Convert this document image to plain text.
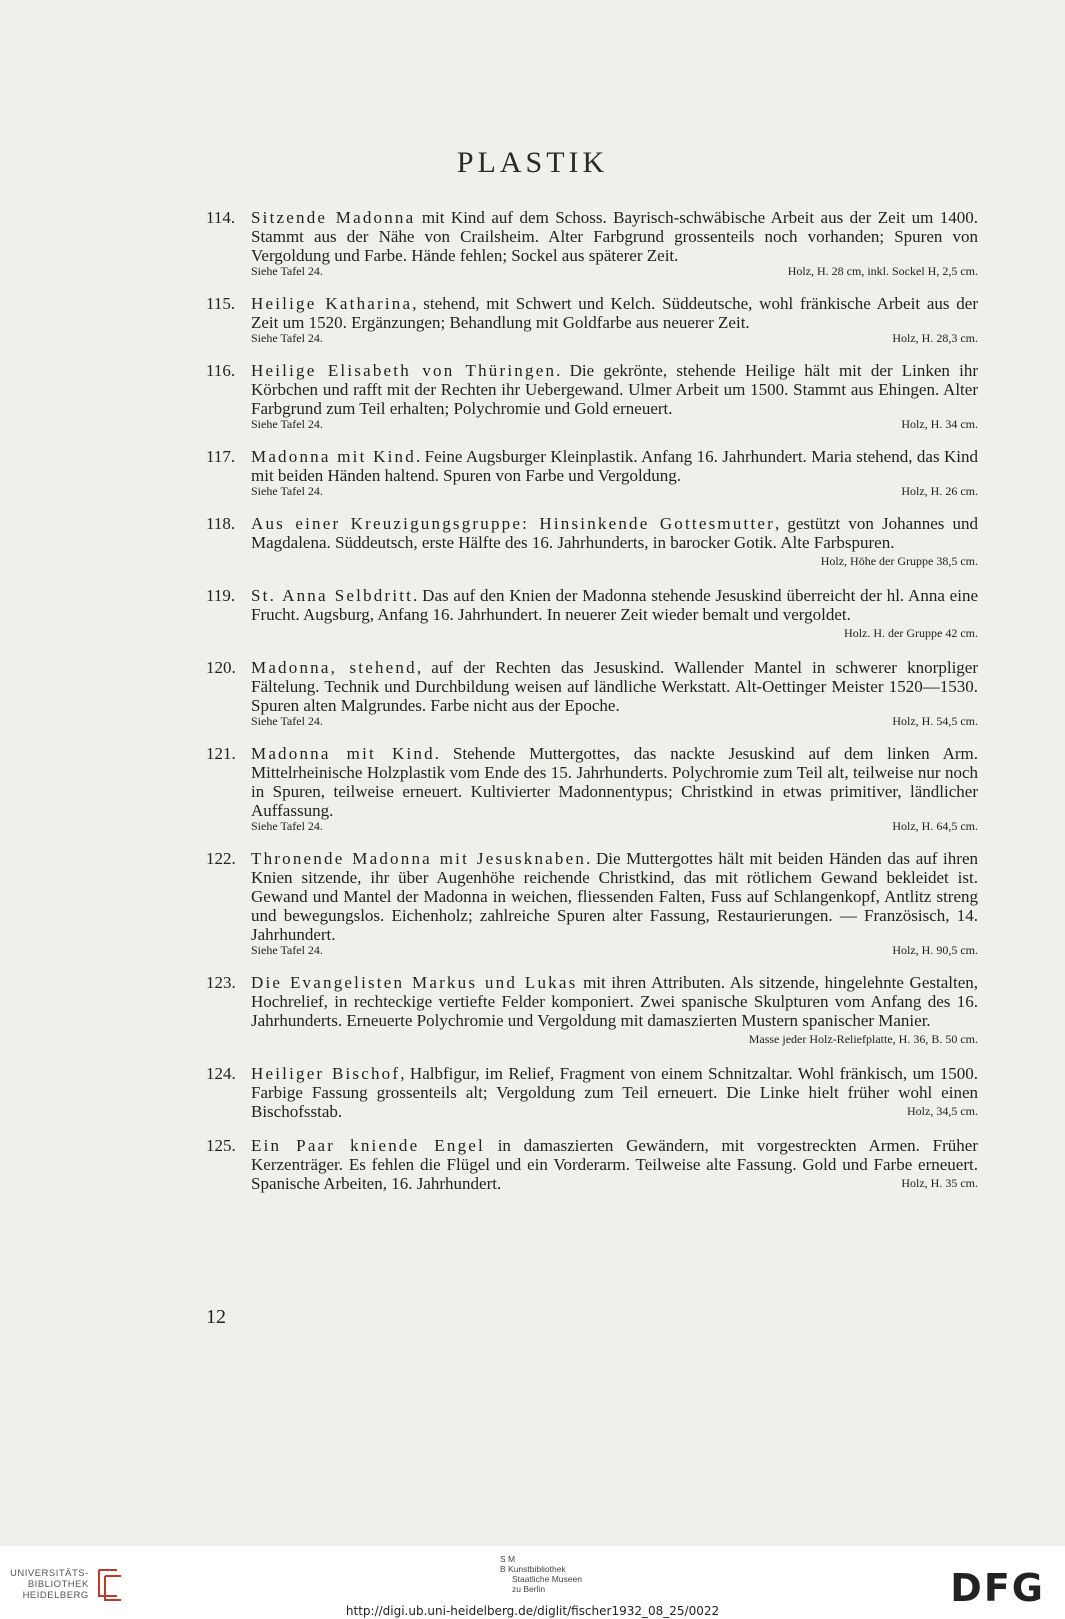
PLASTIK
114. Sitzende Madonna mit Kind auf dem Schoss. Bayrisch-schwäbische Arbeit aus der Zeit um 1400. Stammt aus der Nähe von Crailsheim. Alter Farbgrund grossenteils noch vorhanden; Spuren von Vergoldung und Farbe. Hände fehlen; Sockel aus späterer Zeit.
Siehe Tafel 24.	Holz, H. 28 cm, inkl. Sockel H, 2,5 cm.
115. Heilige Katharina, stehend, mit Schwert und Kelch. Süddeutsche, wohl fränkische Arbeit aus der Zeit um 1520. Ergänzungen; Behandlung mit Goldfarbe aus neuerer Zeit.
Siehe Tafel 24.	Holz, H. 28,3 cm.
116. Heilige Elisabeth von Thüringen. Die gekrönte, stehende Heilige hält mit der Linken ihr Körbchen und rafft mit der Rechten ihr Uebergewand. Ulmer Arbeit um 1500. Stammt aus Ehingen. Alter Farbgrund zum Teil erhalten; Polychromie und Gold erneuert.
Siehe Tafel 24.	Holz, H. 34 cm.
117. Madonna mit Kind. Feine Augsburger Kleinplastik. Anfang 16. Jahrhundert. Maria stehend, das Kind mit beiden Händen haltend. Spuren von Farbe und Vergoldung.
Siehe Tafel 24.	Holz, H. 26 cm.
118. Aus einer Kreuzigungsgruppe: Hinsinkende Gottesmutter, gestützt von Johannes und Magdalena. Süddeutsch, erste Hälfte des 16. Jahrhunderts, in barocker Gotik. Alte Farbspuren.
Holz, Höhe der Gruppe 38,5 cm.
119. St. Anna Selbdritt. Das auf den Knien der Madonna stehende Jesuskind überreicht der hl. Anna eine Frucht. Augsburg, Anfang 16. Jahrhundert. In neuerer Zeit wieder bemalt und vergoldet.
Holz. H. der Gruppe 42 cm.
120. Madonna, stehend, auf der Rechten das Jesuskind. Wallender Mantel in schwerer knorpliger Fältelung. Technik und Durchbildung weisen auf ländliche Werkstatt. Alt-Oettinger Meister 1520—1530. Spuren alten Malgrundes. Farbe nicht aus der Epoche.
Siehe Tafel 24.	Holz, H. 54,5 cm.
121. Madonna mit Kind. Stehende Muttergottes, das nackte Jesuskind auf dem linken Arm. Mittelrheinische Holzplastik vom Ende des 15. Jahrhunderts. Polychromie zum Teil alt, teilweise nur noch in Spuren, teilweise erneuert. Kultivierter Madonnentypus; Christkind in etwas primitiver, ländlicher Auffassung.
Siehe Tafel 24.	Holz, H. 64,5 cm.
122. Thronende Madonna mit Jesusknaben. Die Muttergottes hält mit beiden Händen das auf ihren Knien sitzende, ihr über Augenhöhe reichende Christkind, das mit rötlichem Gewand bekleidet ist. Gewand und Mantel der Madonna in weichen, fliessenden Falten, Fuss auf Schlangenkopf, Antlitz streng und bewegungslos. Eichenholz; zahlreiche Spuren alter Fassung, Restaurierungen. — Französisch, 14. Jahrhundert.
Siehe Tafel 24.	Holz, H. 90,5 cm.
123. Die Evangelisten Markus und Lukas mit ihren Attributen. Als sitzende, hingelehnte Gestalten, Hochrelief, in rechteckige vertiefte Felder komponiert. Zwei spanische Skulpturen vom Anfang des 16. Jahrhunderts. Erneuerte Polychromie und Vergoldung mit damaszierten Mustern spanischer Manier.
Masse jeder Holz-Reliefplatte, H. 36, B. 50 cm.
124. Heiliger Bischof, Halbfigur, im Relief, Fragment von einem Schnitzaltar. Wohl fränkisch, um 1500. Farbige Fassung grossenteils alt; Vergoldung zum Teil erneuert. Die Linke hielt früher wohl einen Bischofsstab.	Holz, 34,5 cm.
125. Ein Paar kniende Engel in damaszierten Gewändern, mit vorgestreckten Armen. Früher Kerzenträger. Es fehlen die Flügel und ein Vorderarm. Teilweise alte Fassung. Gold und Farbe erneuert. Spanische Arbeiten, 16. Jahrhundert.	Holz, H. 35 cm.
12
UNIVERSITÄTS-
BIBLIOTHEK
HEIDELBERG
S M
B Kunstbibliothek
Staatliche Museen
zu Berlin	DFG
http://digi.ub.uni-heidelberg.de/diglit/fischer1932_08_25/0022
